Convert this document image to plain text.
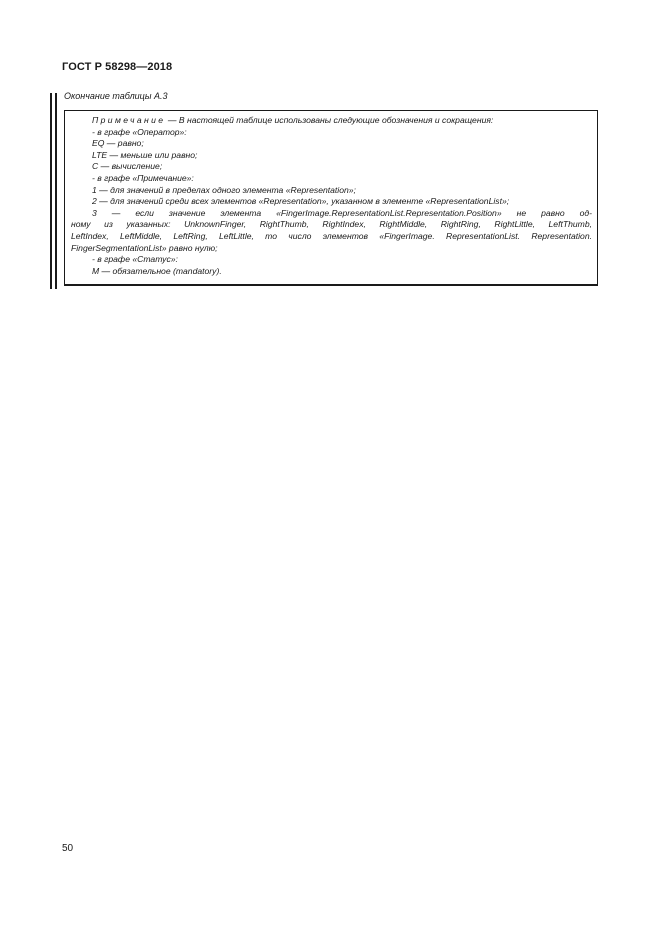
ГОСТ Р 58298—2018
Окончание таблицы А.3
Примечание — В настоящей таблице использованы следующие обозначения и сокращения:
- в графе «Оператор»:
EQ — равно;
LTE — меньше или равно;
С — вычисление;
- в графе «Примечание»:
1 — для значений в пределах одного элемента «Representation»;
2 — для значений среди всех элементов «Representation», указанном в элементе «RepresentationList»;
3 — если значение элемента «FingerImage.RepresentationList.Representation.Position» не равно од-
ному из указанных: UnknownFinger, RightThumb, RightIndex, RightMiddle, RightRing, RightLittle, LeftThumb,
LeftIndex, LeftMiddle, LeftRing, LeftLittle, то число элементов «FingerImage. RepresentationList. Representation.
FingerSegmentationList» равно нулю;
- в графе «Статус»:
М — обязательное (mandatory).
50
